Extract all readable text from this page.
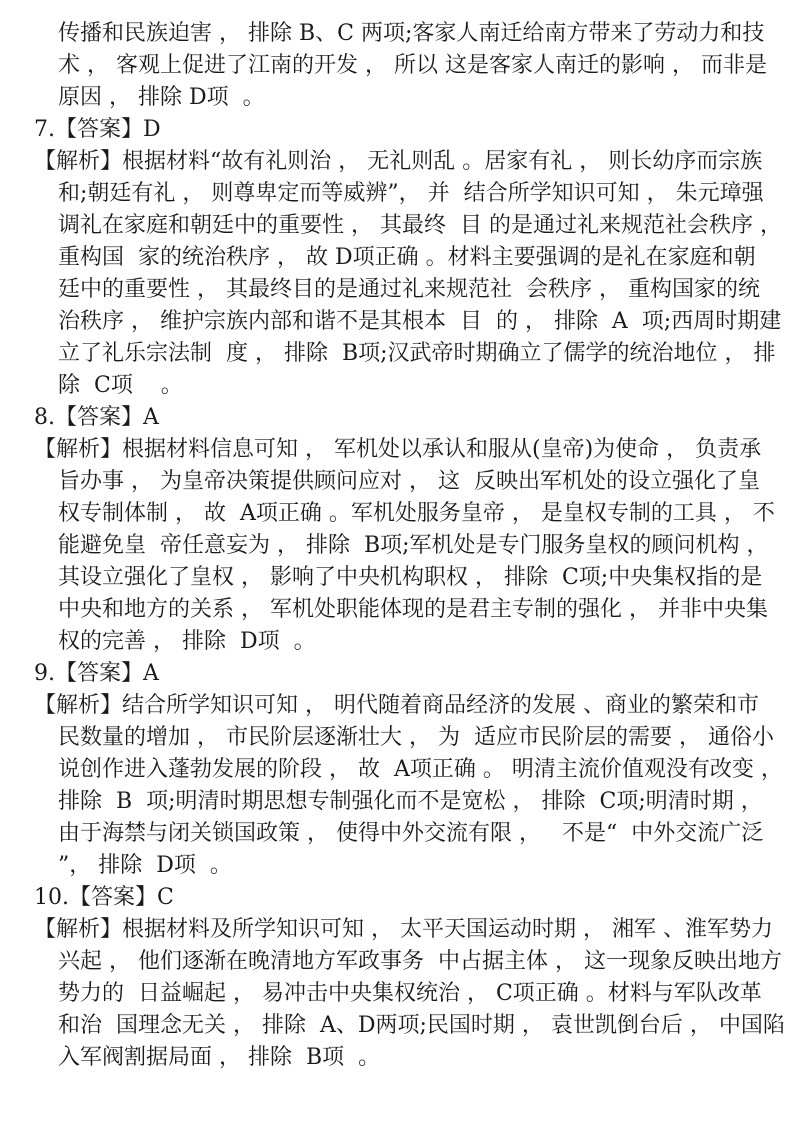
传播和民族迫害 ， 排除 B、C 两项;客家人南迁给南方带来了劳动力和技
术 ， 客观上促进了江南的开发 ， 所以 这是客家人南迁的影响 ， 而非是
原因 ， 排除 D项  。
7.【答案】D
【解析】根据材料“故有礼则治 ， 无礼则乱 。居家有礼 ， 则长幼序而宗族
和;朝廷有礼 ， 则尊卑定而等威辨”， 并  结合所学知识可知 ， 朱元璋强
调礼在家庭和朝廷中的重要性 ， 其最终  目 的是通过礼来规范社会秩序 ，
重构国  家的统治秩序 ， 故 D项正确 。材料主要强调的是礼在家庭和朝
廷中的重要性 ， 其最终目的是通过礼来规范社  会秩序 ， 重构国家的统
治秩序 ， 维护宗族内部和谐不是其根本  目  的 ， 排除  A  项;西周时期建
立了礼乐宗法制  度 ， 排除  B项;汉武帝时期确立了儒学的统治地位 ， 排
除  C项    。
8.【答案】A
【解析】根据材料信息可知 ， 军机处以承认和服从(皇帝)为使命 ， 负责承
旨办事 ， 为皇帝决策提供顾问应对 ， 这  反映出军机处的设立强化了皇
权专制体制 ， 故  A项正确 。军机处服务皇帝 ， 是皇权专制的工具 ， 不
能避免皇  帝任意妄为 ， 排除  B项;军机处是专门服务皇权的顾问机构 ，
其设立强化了皇权 ， 影响了中央机构职权 ， 排除  C项;中央集权指的是
中央和地方的关系 ， 军机处职能体现的是君主专制的强化 ， 并非中央集
权的完善 ， 排除  D项  。
9.【答案】A
【解析】结合所学知识可知 ， 明代随着商品经济的发展 、商业的繁荣和市
民数量的增加 ， 市民阶层逐渐壮大 ， 为  适应市民阶层的需要 ， 通俗小
说创作进入蓬勃发展的阶段 ， 故  A项正确 。 明清主流价值观没有改变 ，
排除  B  项;明清时期思想专制强化而不是宽松 ， 排除  C项;明清时期 ，
由于海禁与闭关锁国政策 ， 使得中外交流有限 ，   不是“  中外交流广泛
”， 排除  D项  。
10.【答案】C
【解析】根据材料及所学知识可知 ， 太平天国运动时期 ， 湘军 、淮军势力
兴起 ， 他们逐渐在晚清地方军政事务  中占据主体 ， 这一现象反映出地方
势力的  日益崛起 ， 易冲击中央集权统治 ， C项正确 。材料与军队改革
和治  国理念无关 ， 排除  A、D两项;民国时期 ， 袁世凯倒台后 ， 中国陷
入军阀割据局面 ， 排除  B项  。
